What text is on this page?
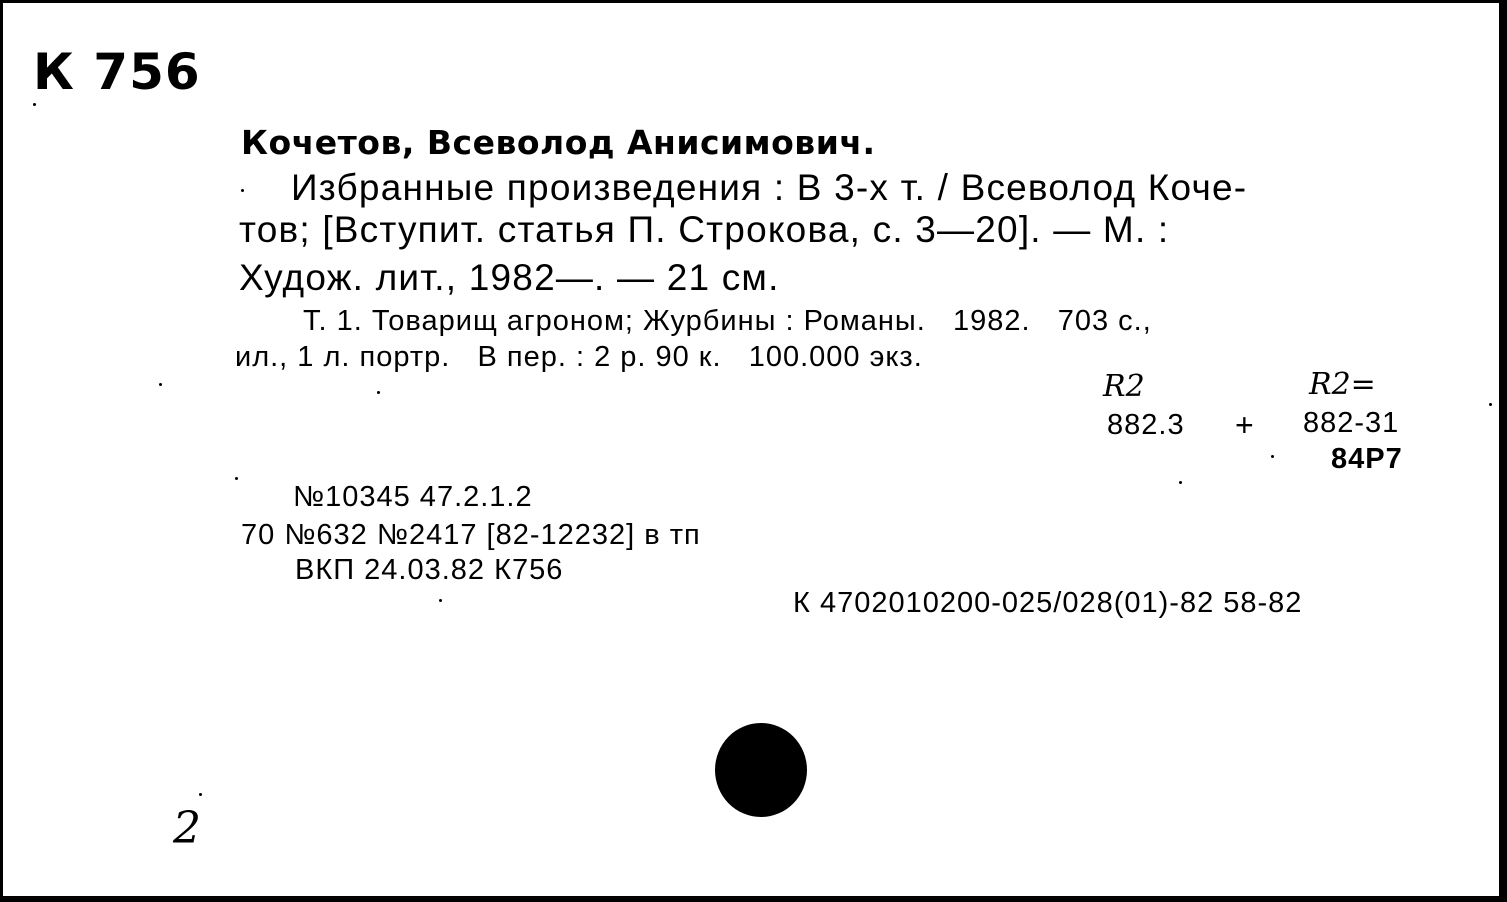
К 756
Кочетов, Всеволод Анисимович.
Избранные произведения : В 3-х т. / Всеволод Коче-
тов; [Вступит. статья П. Строкова, с. 3—20]. — М. :
Худож. лит., 1982—. — 21 см.
Т. 1. Товарищ агроном; Журбины : Романы.   1982.   703 с.,
ил., 1 л. портр.   В пер. : 2 р. 90 к.   100.000 экз.
R2	R2=
882.3 + 882-31
84Р7
№10345 47.2.1.2
70 №632 №2417 [82-12232] в тп
ВКП 24.03.82 К756
К 4702010200-025/028(01)-82 58-82
2
